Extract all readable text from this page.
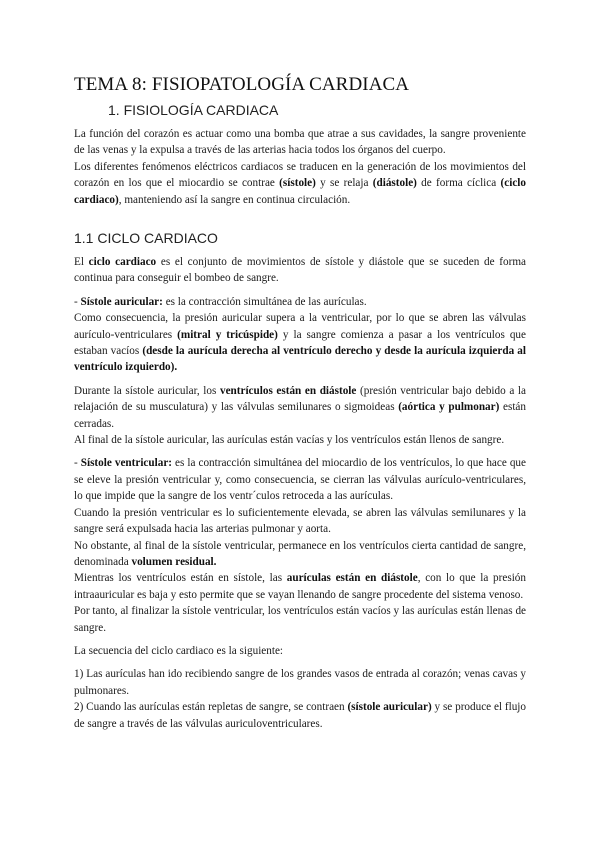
TEMA 8: FISIOPATOLOGÍA CARDIACA
1. FISIOLOGÍA CARDIACA

La función del corazón es actuar como una bomba que atrae a sus cavidades, la sangre proveniente de las venas y la expulsa a través de las arterias hacia todos los órganos del cuerpo.

Los diferentes fenómenos eléctricos cardiacos se traducen en la generación de los movimientos del corazón en los que el miocardio se contrae (sístole) y se relaja (diástole) de forma cíclica (ciclo cardiaco), manteniendo así la sangre en continua circulación.

1.1 CICLO CARDIACO

El ciclo cardiaco es el conjunto de movimientos de sístole y diástole que se suceden de forma continua para conseguir el bombeo de sangre.

- Sístole auricular: es la contracción simultánea de las aurículas.

Como consecuencia, la presión auricular supera a la ventricular, por lo que se abren las válvulas aurículo-ventriculares (mitral y tricúspide) y la sangre comienza a pasar a los ventrículos que estaban vacíos (desde la aurícula derecha al ventrículo derecho y desde la aurícula izquierda al ventrículo izquierdo).

Durante la sístole auricular, los ventrículos están en diástole (presión ventricular bajo debido a la relajación de su musculatura) y las válvulas semilunares o sigmoideas (aórtica y pulmonar) están cerradas.

Al final de la sístole auricular, las aurículas están vacías y los ventrículos están llenos de sangre.

- Sístole ventricular: es la contracción simultánea del miocardio de los ventrículos, lo que hace que se eleve la presión ventricular y, como consecuencia, se cierran las válvulas aurículo-ventriculares, lo que impide que la sangre de los ventr´culos retroceda a las aurículas.

Cuando la presión ventricular es lo suficientemente elevada, se abren las válvulas semilunares y la sangre será expulsada hacia las arterias pulmonar y aorta.

No obstante, al final de la sístole ventricular, permanece en los ventrículos cierta cantidad de sangre, denominada volumen residual.

Mientras los ventrículos están en sístole, las aurículas están en diástole, con lo que la presión intraauricular es baja y esto permite que se vayan llenando de sangre procedente del sistema venoso.

Por tanto, al finalizar la sístole ventricular, los ventrículos están vacíos y las aurículas están llenas de sangre.

La secuencia del ciclo cardiaco es la siguiente:

1) Las aurículas han ido recibiendo sangre de los grandes vasos de entrada al corazón; venas cavas y pulmonares.

2) Cuando las aurículas están repletas de sangre, se contraen (sístole auricular) y se produce el flujo de sangre a través de las válvulas auriculoventriculares.
